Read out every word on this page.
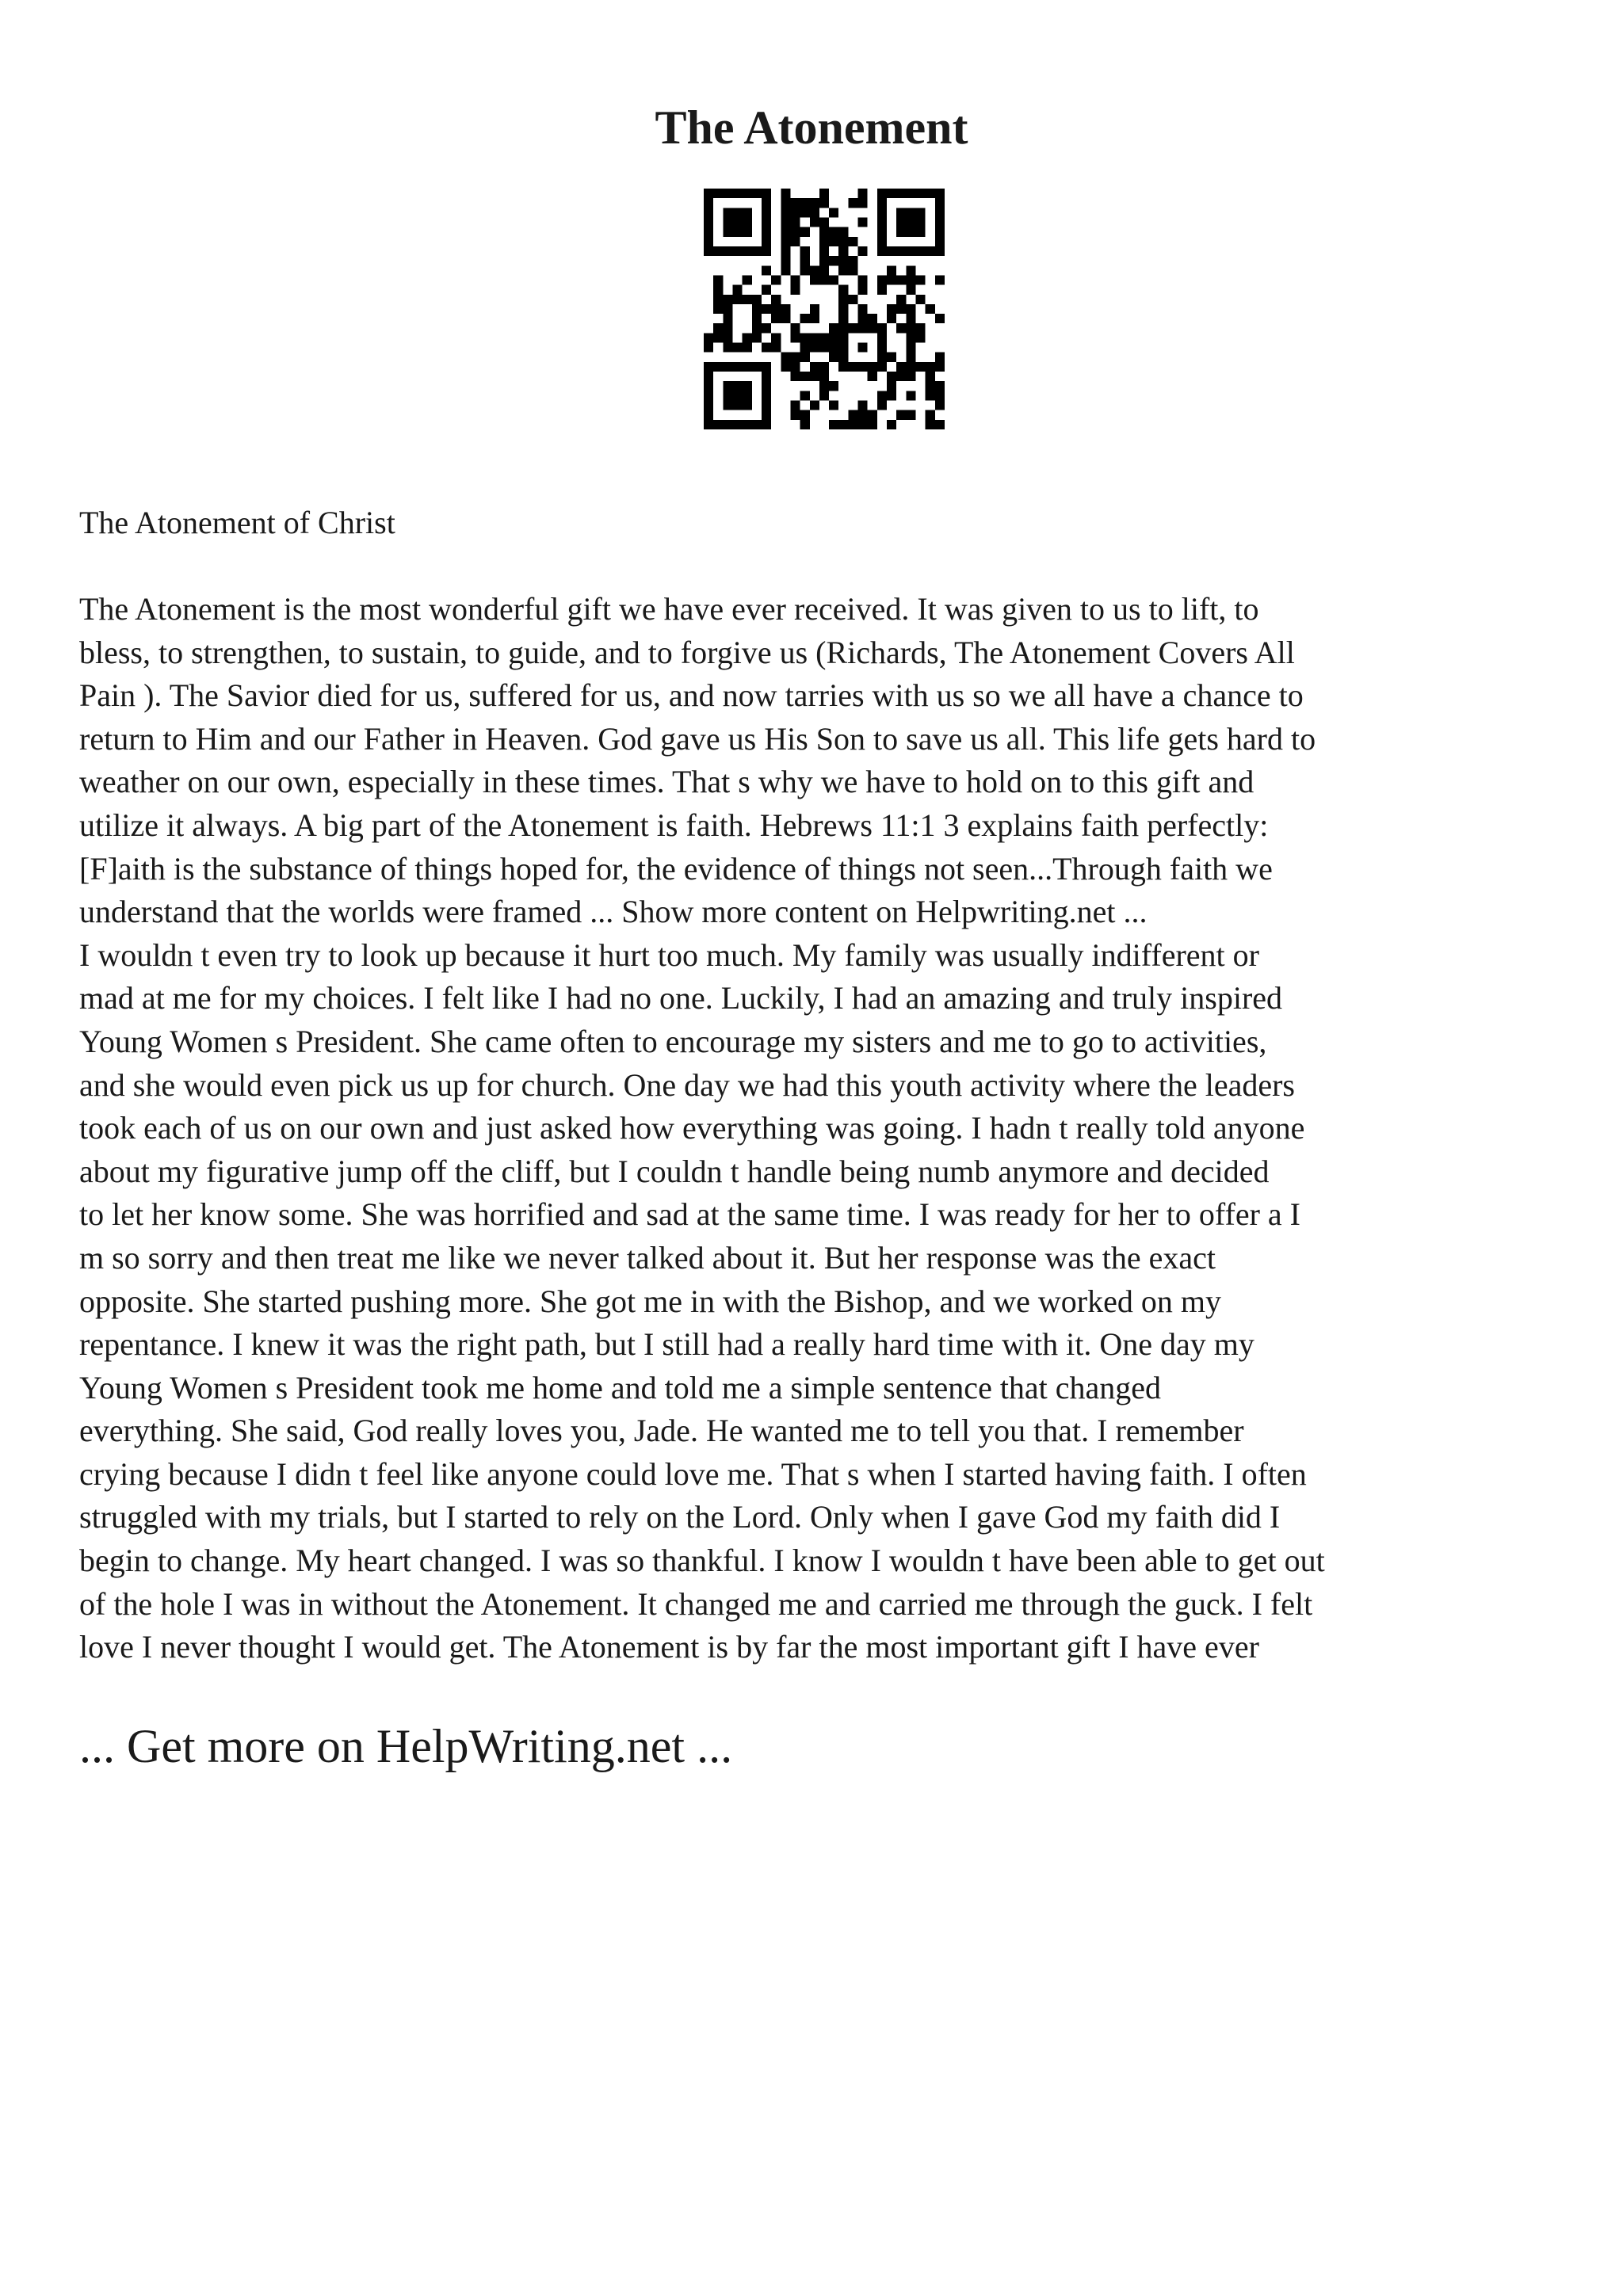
The Atonement

The Atonement of Christ

The Atonement is the most wonderful gift we have ever received. It was given to us to lift, to
bless, to strengthen, to sustain, to guide, and to forgive us (Richards, The Atonement Covers All
Pain ). The Savior died for us, suffered for us, and now tarries with us so we all have a chance to
return to Him and our Father in Heaven. God gave us His Son to save us all. This life gets hard to
weather on our own, especially in these times. That s why we have to hold on to this gift and
utilize it always. A big part of the Atonement is faith. Hebrews 11:1 3 explains faith perfectly:
[F]aith is the substance of things hoped for, the evidence of things not seen...Through faith we
understand that the worlds were framed ... Show more content on Helpwriting.net ...
I wouldn t even try to look up because it hurt too much. My family was usually indifferent or
mad at me for my choices. I felt like I had no one. Luckily, I had an amazing and truly inspired
Young Women s President. She came often to encourage my sisters and me to go to activities,
and she would even pick us up for church. One day we had this youth activity where the leaders
took each of us on our own and just asked how everything was going. I hadn t really told anyone
about my figurative jump off the cliff, but I couldn t handle being numb anymore and decided
to let her know some. She was horrified and sad at the same time. I was ready for her to offer a I
m so sorry and then treat me like we never talked about it. But her response was the exact
opposite. She started pushing more. She got me in with the Bishop, and we worked on my
repentance. I knew it was the right path, but I still had a really hard time with it. One day my
Young Women s President took me home and told me a simple sentence that changed
everything. She said, God really loves you, Jade. He wanted me to tell you that. I remember
crying because I didn t feel like anyone could love me. That s when I started having faith. I often
struggled with my trials, but I started to rely on the Lord. Only when I gave God my faith did I
begin to change. My heart changed. I was so thankful. I know I wouldn t have been able to get out
of the hole I was in without the Atonement. It changed me and carried me through the guck. I felt
love I never thought I would get. The Atonement is by far the most important gift I have ever

... Get more on HelpWriting.net ...
